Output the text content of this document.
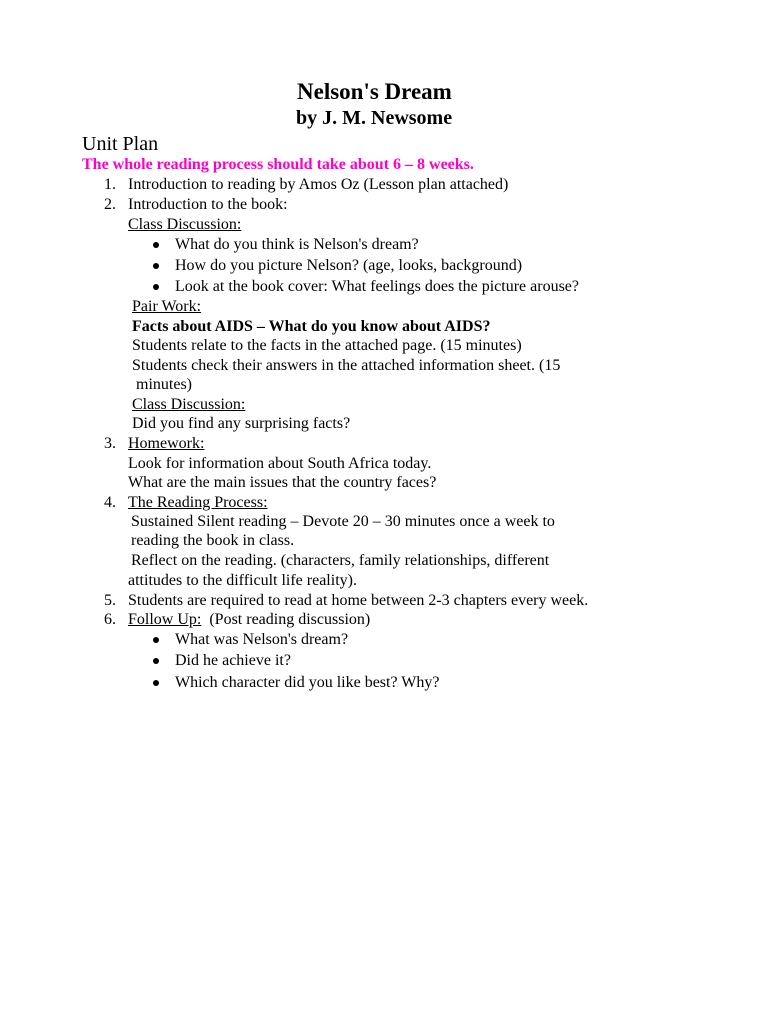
Nelson's Dream
by J. M. Newsome
Unit Plan
The whole reading process should take about 6 – 8 weeks.
1. Introduction to reading by Amos Oz (Lesson plan attached)
2. Introduction to the book:
Class Discussion:
What do you think is Nelson's dream?
How do you picture Nelson? (age, looks, background)
Look at the book cover: What feelings does the picture arouse?
Pair Work:
Facts about AIDS – What do you know about AIDS?
Students relate to the facts in the attached page. (15 minutes)
Students check their answers in the attached information sheet. (15
minutes)
Class Discussion:
Did you find any surprising facts?
3. Homework:
Look for information about South Africa today.
What are the main issues that the country faces?
4. The Reading Process:
Sustained Silent reading – Devote 20 – 30 minutes once a week to
reading the book in class.
Reflect on the reading. (characters, family relationships, different
attitudes to the difficult life reality).
5. Students are required to read at home between 2-3 chapters every week.
6. Follow Up:  (Post reading discussion)
What was Nelson's dream?
Did he achieve it?
Which character did you like best? Why?
